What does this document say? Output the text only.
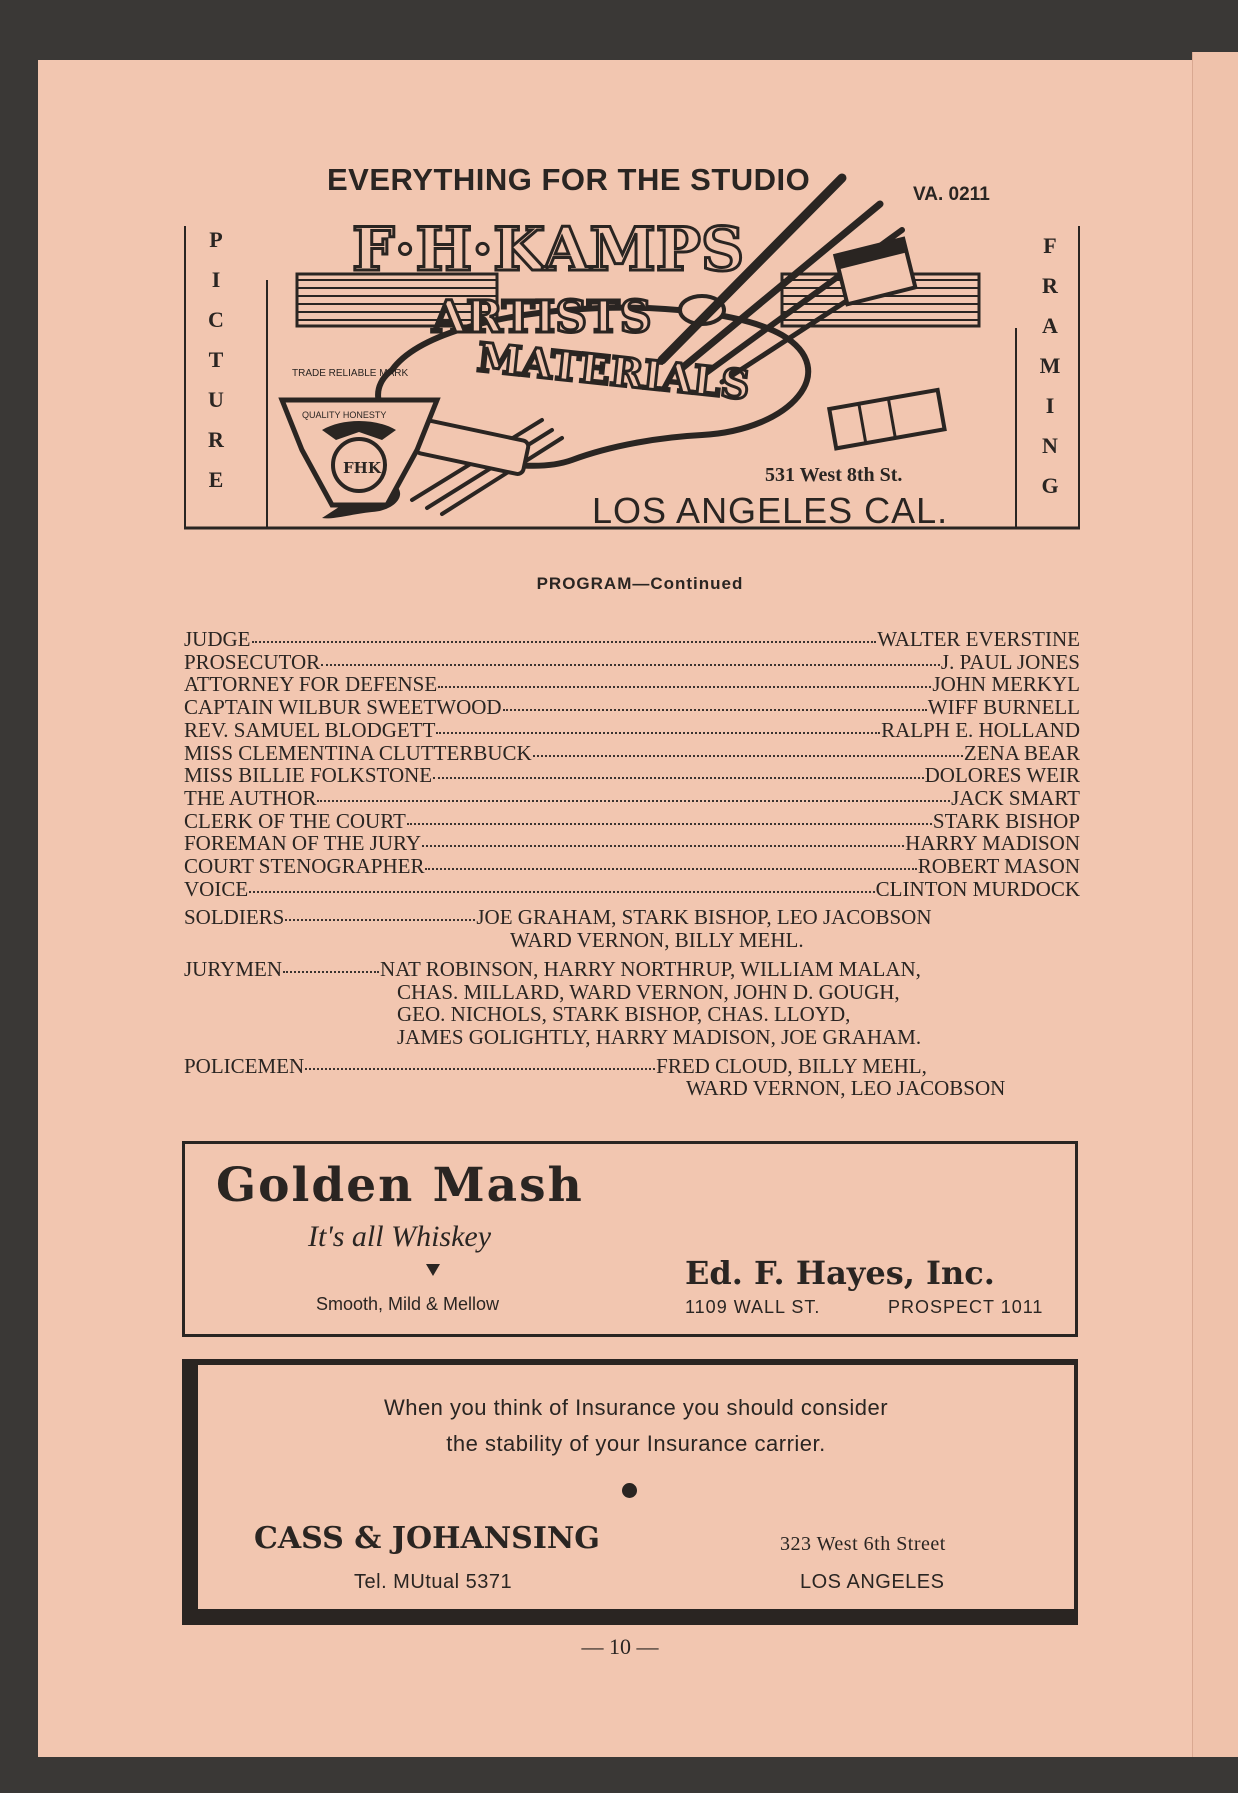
EVERYTHING FOR THE STUDIO	VA. 0211
P
I
C
T
U
R
E
F
R
A
M
I
N
G
F·H·KAMPS
ARTISTS
MATERIALS
TRADE RELIABLE MARK
QUALITY HONESTY
FHK	531 West 8th St.
LOS ANGELES CAL.
PROGRAM—Continued
JUDGE	WALTER EVERSTINE
PROSECUTOR	J. PAUL JONES
ATTORNEY FOR DEFENSE	JOHN MERKYL
CAPTAIN WILBUR SWEETWOOD	WIFF BURNELL
REV. SAMUEL BLODGETT	RALPH E. HOLLAND
MISS CLEMENTINA CLUTTERBUCK	ZENA BEAR
MISS BILLIE FOLKSTONE	DOLORES WEIR
THE AUTHOR	JACK SMART
CLERK OF THE COURT	STARK BISHOP
FOREMAN OF THE JURY	HARRY MADISON
COURT STENOGRAPHER	ROBERT MASON
VOICE	CLINTON MURDOCK
SOLDIERS	JOE GRAHAM, STARK BISHOP, LEO JACOBSON
WARD VERNON, BILLY MEHL.
JURYMEN	NAT ROBINSON, HARRY NORTHRUP, WILLIAM MALAN,
CHAS. MILLARD, WARD VERNON, JOHN D. GOUGH,
GEO. NICHOLS, STARK BISHOP, CHAS. LLOYD,
JAMES GOLIGHTLY, HARRY MADISON, JOE GRAHAM.
POLICEMEN	FRED CLOUD, BILLY MEHL,
WARD VERNON, LEO JACOBSON
Golden Mash
It's all Whiskey
Smooth, Mild & Mellow
Ed. F. Hayes, Inc.
1109 WALL ST.	PROSPECT 1011
When you think of Insurance you should consider
the stability of your Insurance carrier.
CASS & JOHANSING
Tel. MUtual 5371
323 West 6th Street
LOS ANGELES
— 10 —
